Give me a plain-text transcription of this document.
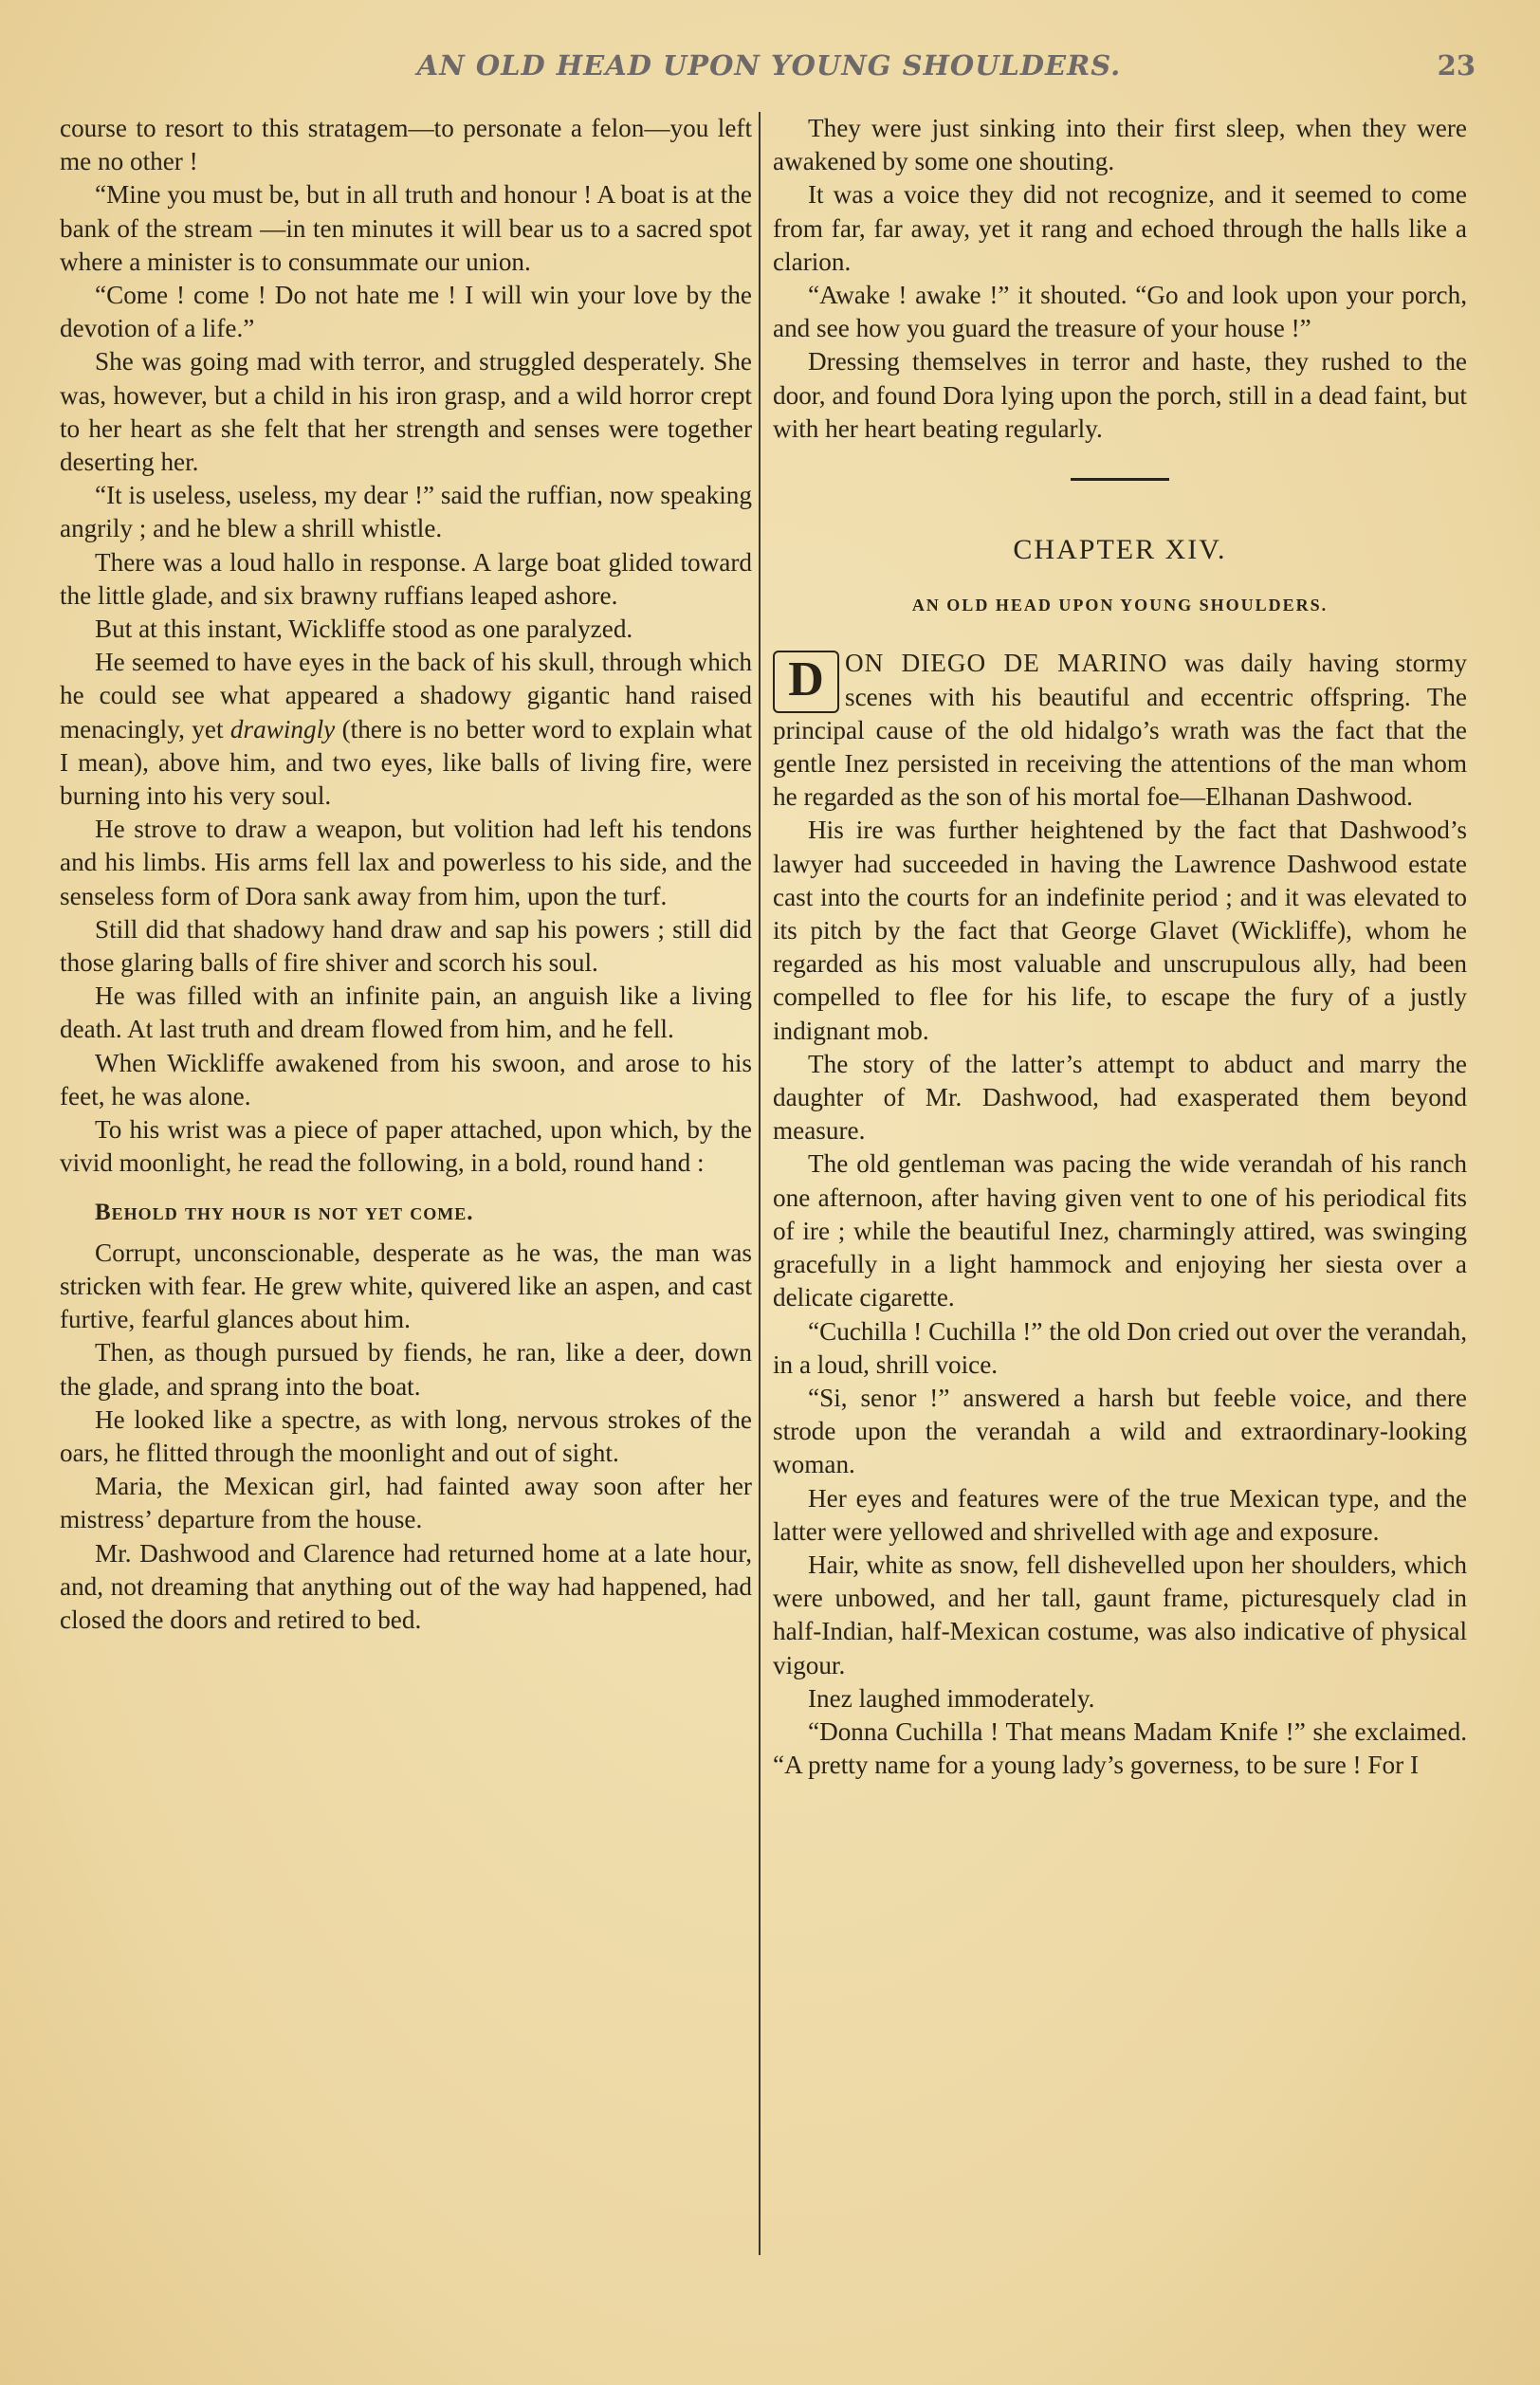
AN OLD HEAD UPON YOUNG SHOULDERS.	23

course to resort to this stratagem—to personate a felon—you left me no other !

“Mine you must be, but in all truth and honour ! A boat is at the bank of the stream —in ten minutes it will bear us to a sacred spot where a minister is to consummate our union.

“Come ! come ! Do not hate me ! I will win your love by the devotion of a life.”

She was going mad with terror, and struggled desperately. She was, however, but a child in his iron grasp, and a wild horror crept to her heart as she felt that her strength and senses were together deserting her.

“It is useless, useless, my dear !” said the ruffian, now speaking angrily ; and he blew a shrill whistle.

There was a loud hallo in response. A large boat glided toward the little glade, and six brawny ruffians leaped ashore.

But at this instant, Wickliffe stood as one paralyzed.

He seemed to have eyes in the back of his skull, through which he could see what appeared a shadowy gigantic hand raised menacingly, yet drawingly (there is no better word to explain what I mean), above him, and two eyes, like balls of living fire, were burning into his very soul.

He strove to draw a weapon, but volition had left his tendons and his limbs. His arms fell lax and powerless to his side, and the senseless form of Dora sank away from him, upon the turf.

Still did that shadowy hand draw and sap his powers ; still did those glaring balls of fire shiver and scorch his soul.

He was filled with an infinite pain, an anguish like a living death. At last truth and dream flowed from him, and he fell.

When Wickliffe awakened from his swoon, and arose to his feet, he was alone.

To his wrist was a piece of paper attached, upon which, by the vivid moonlight, he read the following, in a bold, round hand :

Behold thy hour is not yet come.

Corrupt, unconscionable, desperate as he was, the man was stricken with fear. He grew white, quivered like an aspen, and cast furtive, fearful glances about him.

Then, as though pursued by fiends, he ran, like a deer, down the glade, and sprang into the boat.

He looked like a spectre, as with long, nervous strokes of the oars, he flitted through the moonlight and out of sight.

Maria, the Mexican girl, had fainted away soon after her mistress’ departure from the house.

Mr. Dashwood and Clarence had returned home at a late hour, and, not dreaming that anything out of the way had happened, had closed the doors and retired to bed.

They were just sinking into their first sleep, when they were awakened by some one shouting.

It was a voice they did not recognize, and it seemed to come from far, far away, yet it rang and echoed through the halls like a clarion.

“Awake ! awake !” it shouted. “Go and look upon your porch, and see how you guard the treasure of your house !”

Dressing themselves in terror and haste, they rushed to the door, and found Dora lying upon the porch, still in a dead faint, but with her heart beating regularly.

CHAPTER XIV.
AN OLD HEAD UPON YOUNG SHOULDERS.

D ON DIEGO DE MARINO was daily having stormy scenes with his beautiful and eccentric offspring. The principal cause of the old hidalgo’s wrath was the fact that the gentle Inez persisted in receiving the attentions of the man whom he regarded as the son of his mortal foe—Elhanan Dashwood.

His ire was further heightened by the fact that Dashwood’s lawyer had succeeded in having the Lawrence Dashwood estate cast into the courts for an indefinite period ; and it was elevated to its pitch by the fact that George Glavet (Wickliffe), whom he regarded as his most valuable and unscrupulous ally, had been compelled to flee for his life, to escape the fury of a justly indignant mob.

The story of the latter’s attempt to abduct and marry the daughter of Mr. Dashwood, had exasperated them beyond measure.

The old gentleman was pacing the wide verandah of his ranch one afternoon, after having given vent to one of his periodical fits of ire ; while the beautiful Inez, charmingly attired, was swinging gracefully in a light hammock and enjoying her siesta over a delicate cigarette.

“Cuchilla ! Cuchilla !” the old Don cried out over the verandah, in a loud, shrill voice.

“Si, senor !” answered a harsh but feeble voice, and there strode upon the verandah a wild and extraordinary-looking woman.

Her eyes and features were of the true Mexican type, and the latter were yellowed and shrivelled with age and exposure.

Hair, white as snow, fell dishevelled upon her shoulders, which were unbowed, and her tall, gaunt frame, picturesquely clad in half-Indian, half-Mexican costume, was also indicative of physical vigour.

Inez laughed immoderately.

“Donna Cuchilla ! That means Madam Knife !” she exclaimed. “A pretty name for a young lady’s governess, to be sure ! For I
